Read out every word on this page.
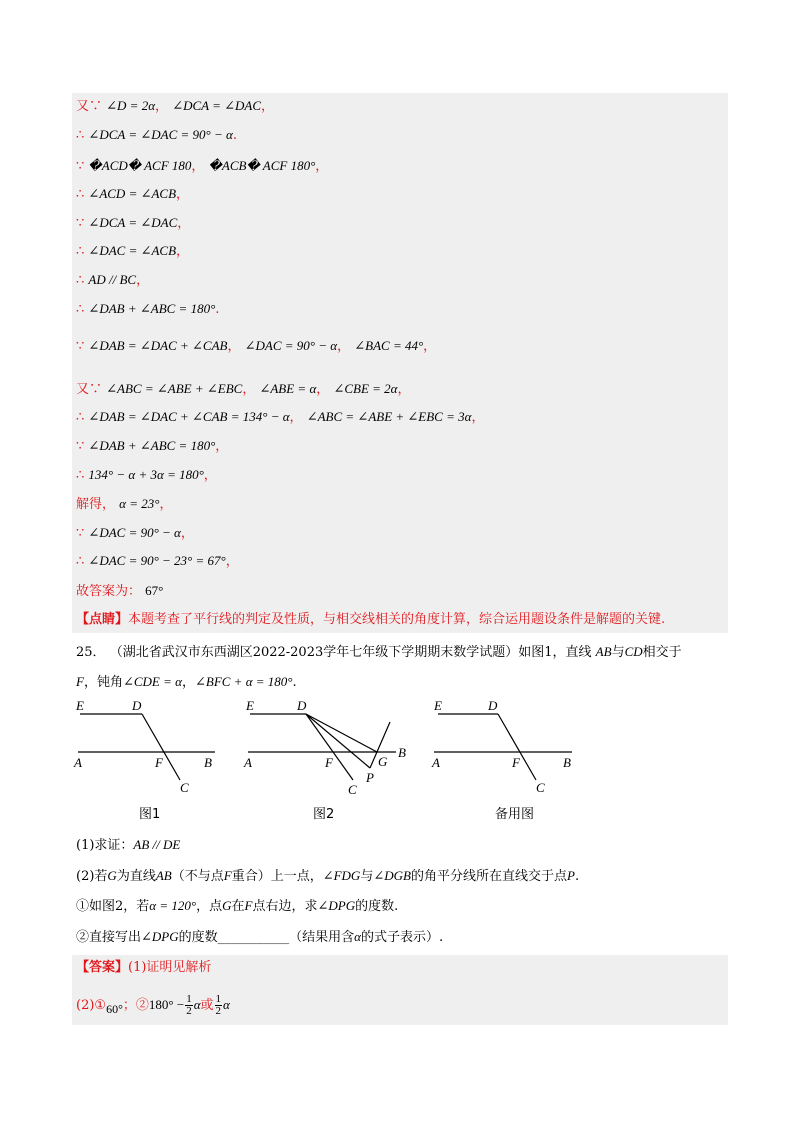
又∵ ∠D = 2α， ∠DCA = ∠DAC，
∴ ∠DCA = ∠DAC = 90° − α.
∵ �ACD� ACF 180， �ACB� ACF 180°，
∴ ∠ACD = ∠ACB，
∵ ∠DCA = ∠DAC，
∴ ∠DAC = ∠ACB，
∴ AD // BC，
∴ ∠DAB + ∠ABC = 180°.
∵ ∠DAB = ∠DAC + ∠CAB， ∠DAC = 90° − α， ∠BAC = 44°，
又∵ ∠ABC = ∠ABE + ∠EBC， ∠ABE = α， ∠CBE = 2α，
∴ ∠DAB = ∠DAC + ∠CAB = 134° − α， ∠ABC = ∠ABE + ∠EBC = 3α，
∵ ∠DAB + ∠ABC = 180°，
∴ 134° − α + 3α = 180°，
解得， α = 23°，
∵ ∠DAC = 90° − α，
∴ ∠DAC = 90° − 23° = 67°，
故答案为： 67°
【点睛】本题考查了平行线的判定及性质，与相交线相关的角度计算，综合运用题设条件是解题的关键.
25． （湖北省武汉市东西湖区2022-2023学年七年级下学期期末数学试题）如图1，直线 AB与CD相交于
F，钝角∠CDE = α，∠BFC + α = 180°.
E	D
A	F	B
C
E	D
A	F	G
B
P
C
E	D
A	F	B
C
图1	图2	备用图
(1)求证：AB // DE
(2)若G为直线AB（不与点F重合）上一点，∠FDG与∠DGB的角平分线所在直线交于点P.
①如图2，若α = 120°，点G在F点右边，求∠DPG的度数.
②直接写出∠DPG的度数___________（结果用含α的式子表示）.
【答案】(1)证明见解析
(2)①60°；②180° − $\frac{1}{2}$ α或 $\frac{1}{2}$ α
